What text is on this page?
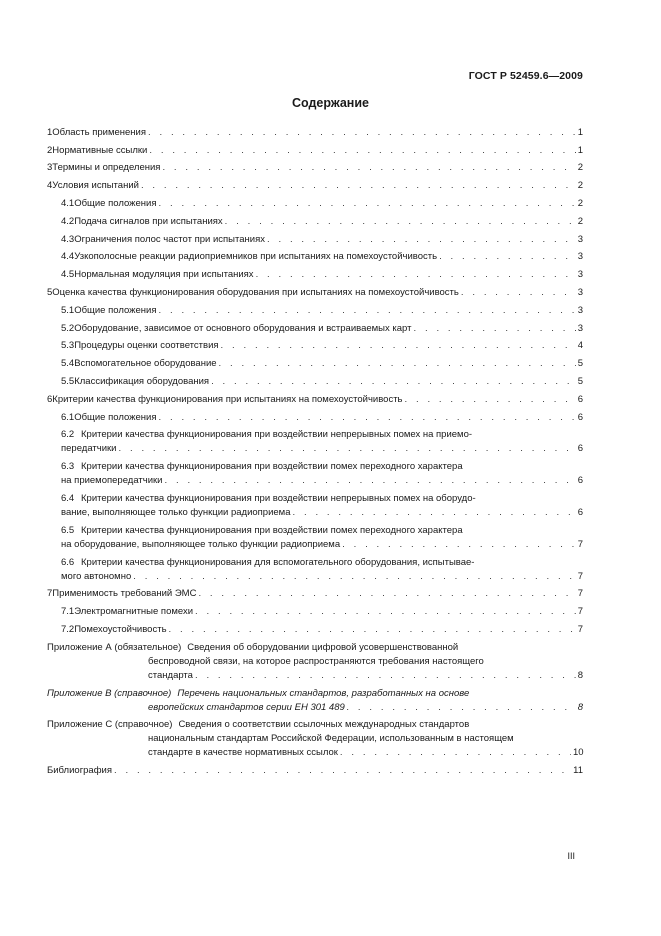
ГОСТ Р 52459.6—2009
Содержание
1 Область применения . . .	1
2 Нормативные ссылки . . .	1
3 Термины и определения . . .	2
4 Условия испытаний . . .	2
4.1 Общие положения . . .	2
4.2 Подача сигналов при испытаниях . . .	2
4.3 Ограничения полос частот при испытаниях . . .	3
4.4 Узкополосные реакции радиоприемников при испытаниях на помехоустойчивость . . .	3
4.5 Нормальная модуляция при испытаниях . . .	3
5 Оценка качества функционирования оборудования при испытаниях на помехоустойчивость . . .	3
5.1 Общие положения . . .	3
5.2 Оборудование, зависимое от основного оборудования и встраиваемых карт . . .	3
5.3 Процедуры оценки соответствия . . .	4
5.4 Вспомогательное оборудование . . .	5
5.5 Классификация оборудования . . .	5
6 Критерии качества функционирования при испытаниях на помехоустойчивость . . .	6
6.1 Общие положения . . .	6
6.2 Критерии качества функционирования при воздействии непрерывных помех на приемо-
передатчики . . .	6
6.3 Критерии качества функционирования при воздействии помех переходного характера
на приемопередатчики . . .	6
6.4 Критерии качества функционирования при воздействии непрерывных помех на оборудо-
вание, выполняющее только функции радиоприема . . .	6
6.5 Критерии качества функционирования при воздействии помех переходного характера
на оборудование, выполняющее только функции радиоприема . . .	7
6.6 Критерии качества функционирования для вспомогательного оборудования, испытывае-
мого автономно . . .	7
7 Применимость требований ЭМС . . .	7
7.1 Электромагнитные помехи . . .	7
7.2 Помехоустойчивость . . .	7
Приложение А (обязательное) Сведения об оборудовании цифровой усовершенствованной
беспроводной связи, на которое распространяются требования настоящего
стандарта . . .	8
Приложение В (справочное) Перечень национальных стандартов, разработанных на основе
европейских стандартов серии ЕН 301 489 . . .	8
Приложение С (справочное) Сведения о соответствии ссылочных международных стандартов
национальным стандартам Российской Федерации, использованным в настоящем
стандарте в качестве нормативных ссылок . . .	10
Библиография . . .	11
III
